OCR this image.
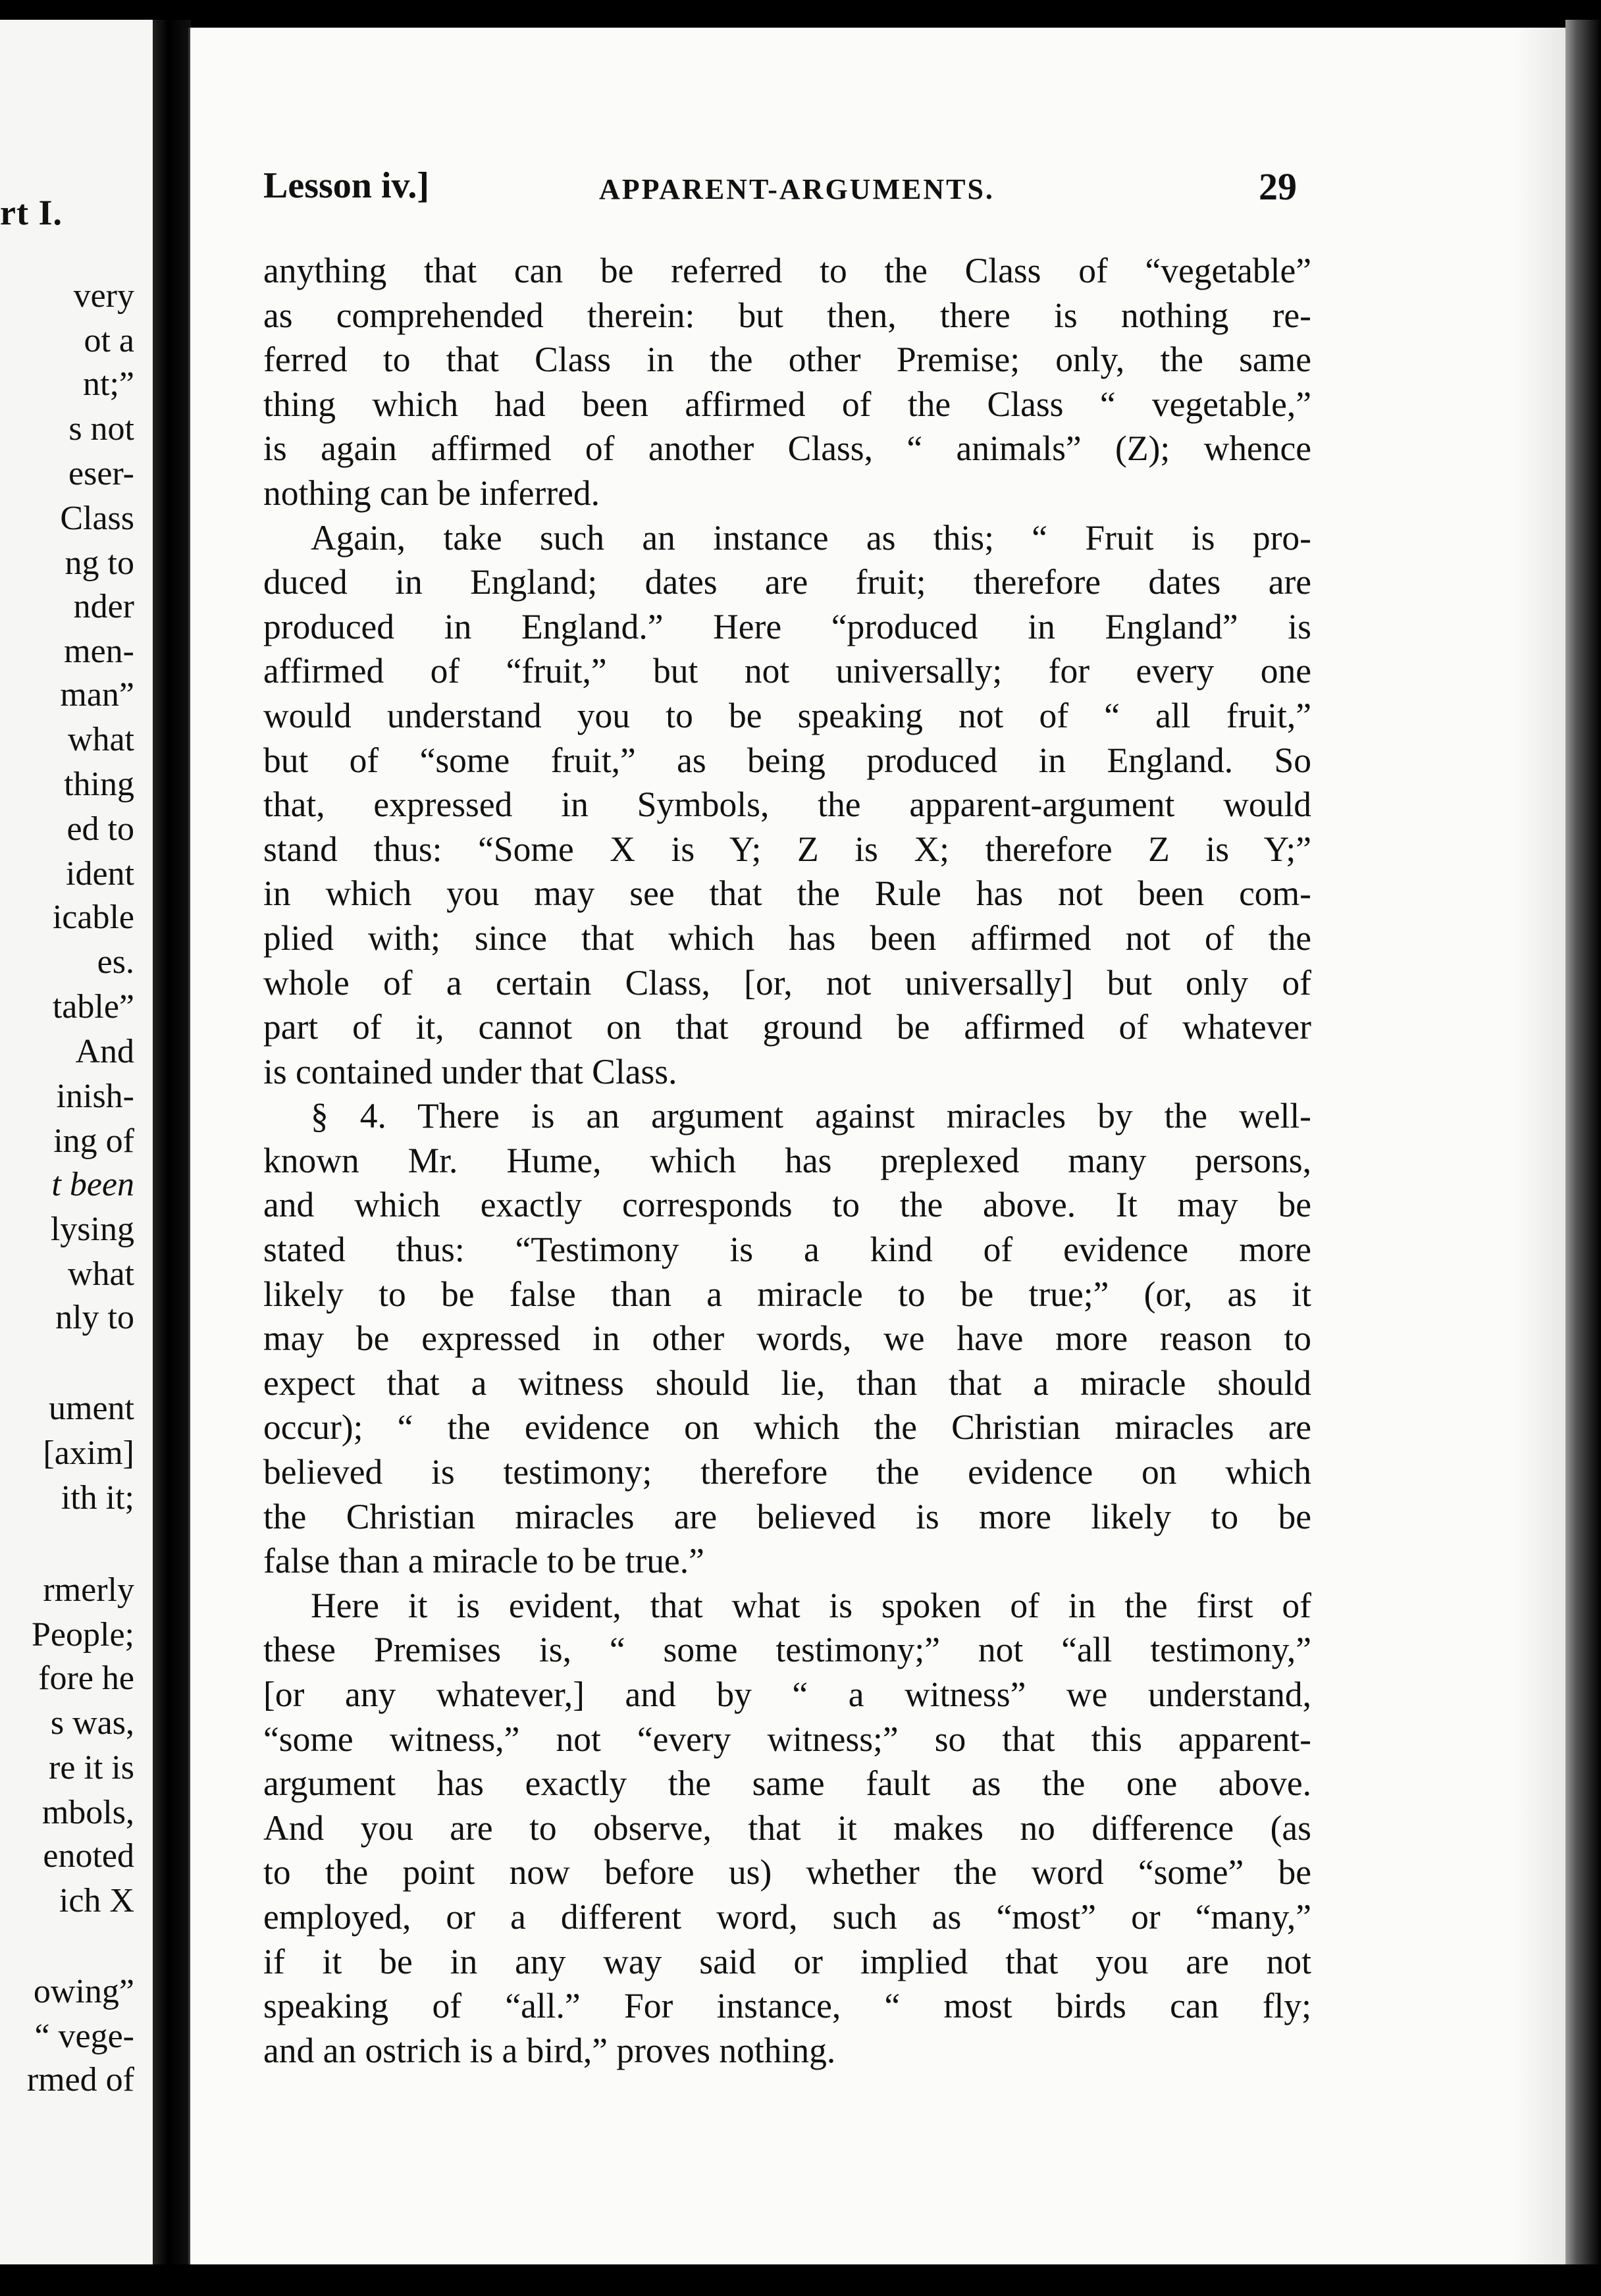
rt I.
very
ot a
nt;”
s not
eser-
Class
ng to
nder
men-
man”
what
thing
ed to
ident
icable
es.
table”
And
inish-
ing of
t been
lysing
what
nly to
ument
[axim]
ith it;
rmerly
People;
fore he
s was,
re it is
mbols,
enoted
ich X
owing”
“ vege-
rmed of
Lesson iv.]	APPARENT-ARGUMENTS.	29
anything that can be referred to the Class of “vegetable”
as comprehended therein: but then, there is nothing re-
ferred to that Class in the other Premise; only, the same
thing which had been affirmed of the Class “ vegetable,”
is again affirmed of another Class, “ animals” (Z); whence
nothing can be inferred.
Again, take such an instance as this; “ Fruit is pro-
duced in England; dates are fruit; therefore dates are
produced in England.” Here “produced in England” is
affirmed of “fruit,” but not universally; for every one
would understand you to be speaking not of “ all fruit,”
but of “some fruit,” as being produced in England. So
that, expressed in Symbols, the apparent-argument would
stand thus: “Some X is Y; Z is X; therefore Z is Y;”
in which you may see that the Rule has not been com-
plied with; since that which has been affirmed not of the
whole of a certain Class, [or, not universally] but only of
part of it, cannot on that ground be affirmed of whatever
is contained under that Class.
§ 4. There is an argument against miracles by the well-
known Mr. Hume, which has preplexed many persons,
and which exactly corresponds to the above. It may be
stated thus: “Testimony is a kind of evidence more
likely to be false than a miracle to be true;” (or, as it
may be expressed in other words, we have more reason to
expect that a witness should lie, than that a miracle should
occur); “ the evidence on which the Christian miracles are
believed is testimony; therefore the evidence on which
the Christian miracles are believed is more likely to be
false than a miracle to be true.”
Here it is evident, that what is spoken of in the first of
these Premises is, “ some testimony;” not “all testimony,”
[or any whatever,] and by “ a witness” we understand,
“some witness,” not “every witness;” so that this apparent-
argument has exactly the same fault as the one above.
And you are to observe, that it makes no difference (as
to the point now before us) whether the word “some” be
employed, or a different word, such as “most” or “many,”
if it be in any way said or implied that you are not
speaking of “all.” For instance, “ most birds can fly;
and an ostrich is a bird,” proves nothing.
